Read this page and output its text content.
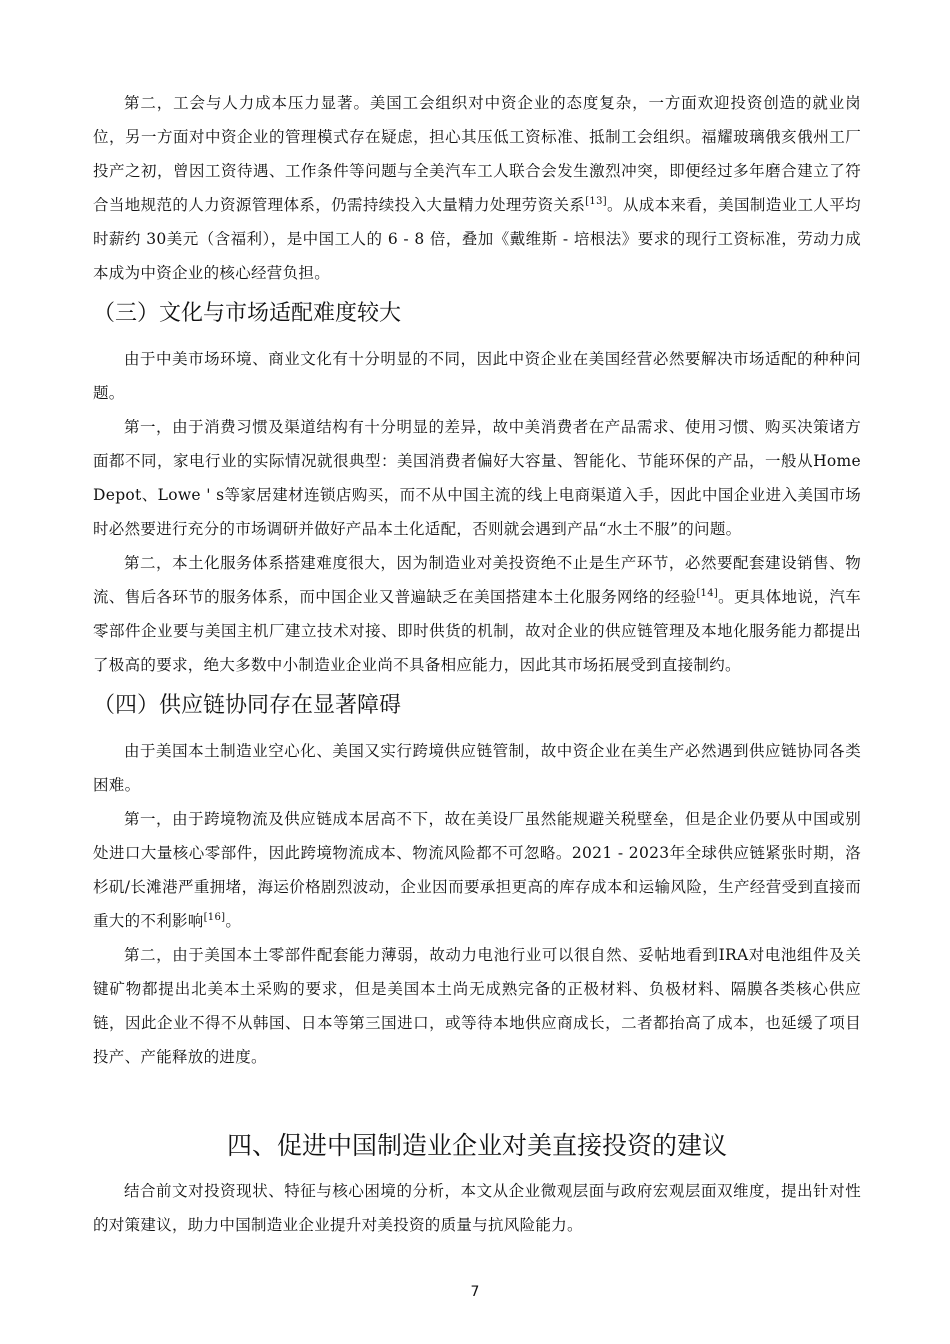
第二，工会与人力成本压力显著。美国工会组织对中资企业的态度复杂，一方面欢迎投资创造的就业岗位，另一方面对中资企业的管理模式存在疑虑，担心其压低工资标准、抵制工会组织。福耀玻璃俄亥俄州工厂投产之初，曾因工资待遇、工作条件等问题与全美汽车工人联合会发生激烈冲突，即便经过多年磨合建立了符合当地规范的人力资源管理体系，仍需持续投入大量精力处理劳资关系[13]。从成本来看，美国制造业工人平均时薪约 30美元（含福利），是中国工人的 6 - 8 倍，叠加《戴维斯 - 培根法》要求的现行工资标准，劳动力成本成为中资企业的核心经营负担。

（三）文化与市场适配难度较大

由于中美市场环境、商业文化有十分明显的不同，因此中资企业在美国经营必然要解决市场适配的种种问题。

第一，由于消费习惯及渠道结构有十分明显的差异，故中美消费者在产品需求、使用习惯、购买决策诸方面都不同，家电行业的实际情况就很典型：美国消费者偏好大容量、智能化、节能环保的产品，一般从Home Depot、Lowe ' s等家居建材连锁店购买，而不从中国主流的线上电商渠道入手，因此中国企业进入美国市场时必然要进行充分的市场调研并做好产品本土化适配，否则就会遇到产品“水土不服”的问题。

第二，本土化服务体系搭建难度很大，因为制造业对美投资绝不止是生产环节，必然要配套建设销售、物流、售后各环节的服务体系，而中国企业又普遍缺乏在美国搭建本土化服务网络的经验[14]。更具体地说，汽车零部件企业要与美国主机厂建立技术对接、即时供货的机制，故对企业的供应链管理及本地化服务能力都提出了极高的要求，绝大多数中小制造业企业尚不具备相应能力，因此其市场拓展受到直接制约。

（四）供应链协同存在显著障碍

由于美国本土制造业空心化、美国又实行跨境供应链管制，故中资企业在美生产必然遇到供应链协同各类困难。

第一，由于跨境物流及供应链成本居高不下，故在美设厂虽然能规避关税壁垒，但是企业仍要从中国或别处进口大量核心零部件，因此跨境物流成本、物流风险都不可忽略。2021 - 2023年全球供应链紧张时期，洛杉矶/长滩港严重拥堵，海运价格剧烈波动，企业因而要承担更高的库存成本和运输风险，生产经营受到直接而重大的不利影响[16]。

第二，由于美国本土零部件配套能力薄弱，故动力电池行业可以很自然、妥帖地看到IRA对电池组件及关键矿物都提出北美本土采购的要求，但是美国本土尚无成熟完备的正极材料、负极材料、隔膜各类核心供应链，因此企业不得不从韩国、日本等第三国进口，或等待本地供应商成长，二者都抬高了成本，也延缓了项目投产、产能释放的进度。

四、促进中国制造业企业对美直接投资的建议

结合前文对投资现状、特征与核心困境的分析，本文从企业微观层面与政府宏观层面双维度，提出针对性的对策建议，助力中国制造业企业提升对美投资的质量与抗风险能力。

7
